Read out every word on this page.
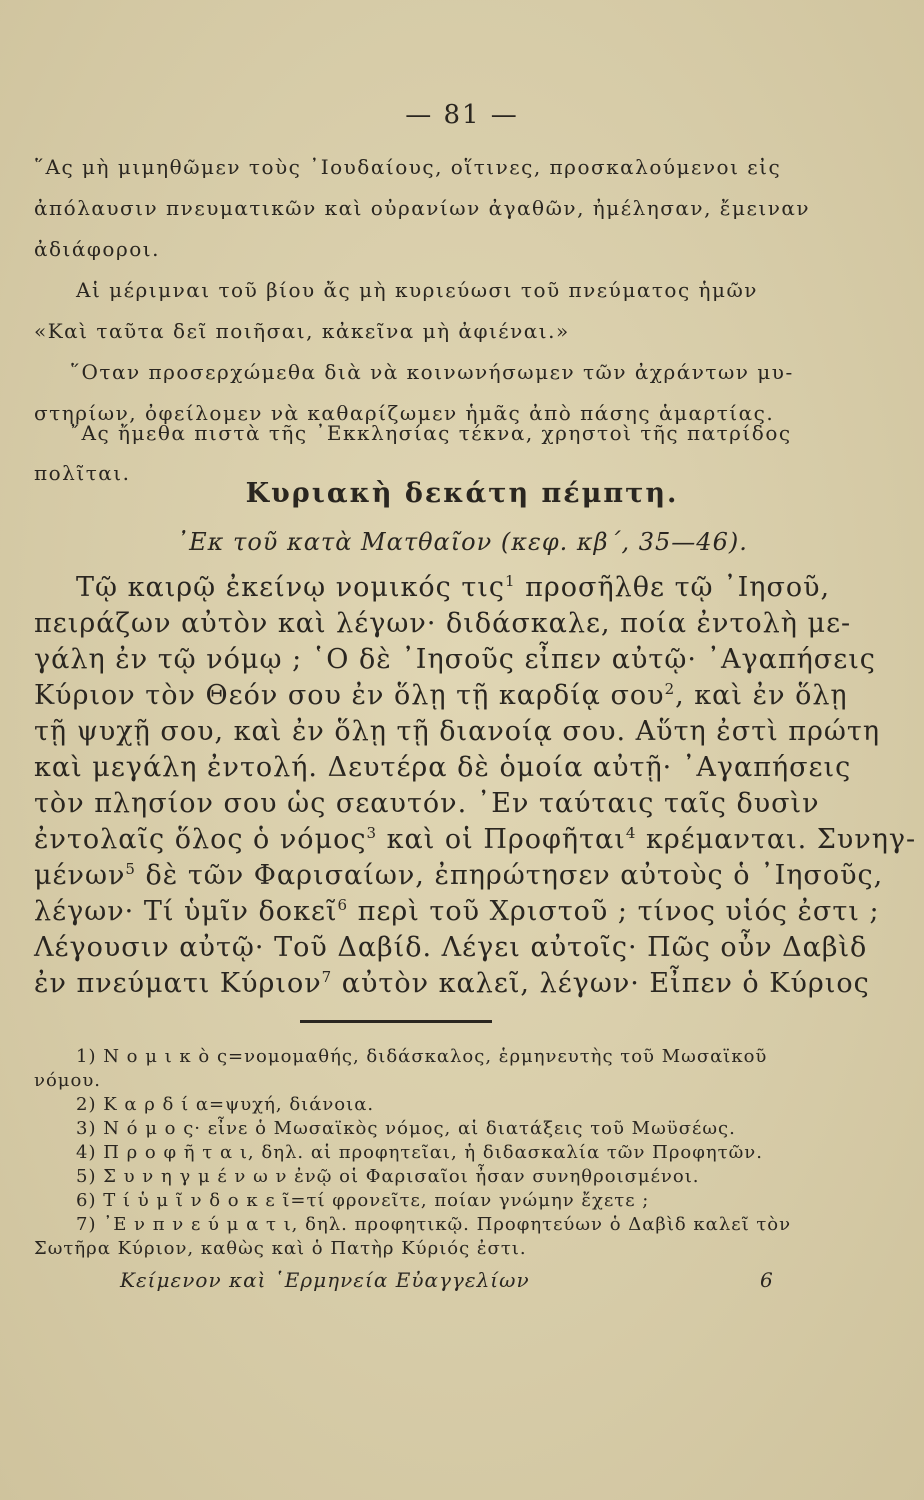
— 81 —
῞Ας μὴ μιμηθῶμεν τοὺς ᾿Ιουδαίους, οἵτινες, προσκαλούμενοι εἰς
ἀπόλαυσιν πνευματικῶν καὶ οὐρανίων ἀγαθῶν, ἠμέλησαν, ἔμειναν
ἀδιάφοροι.
Αἱ μέριμναι τοῦ βίου ἄς μὴ κυριεύωσι τοῦ πνεύματος ἡμῶν
«Καὶ ταῦτα δεῖ ποιῆσαι, κἀκεῖνα μὴ ἀφιέναι.»
῞Οταν προσερχώμεθα διὰ νὰ κοινωνήσωμεν τῶν ἀχράντων μυ-
στηρίων, ὀφείλομεν νὰ καθαρίζωμεν ἡμᾶς ἀπὸ πάσης ἁμαρτίας.
῎Ας ἤμεθα πιστὰ τῆς ᾿Εκκλησίας τέκνα, χρηστοὶ τῆς πατρίδος
πολῖται.
Κυριακὴ δεκάτη πέμπτη.
᾿Εκ τοῦ κατὰ Ματθαῖον (κεφ. κβ΄, 35—46).
Τῷ καιρῷ ἐκείνῳ νομικός τις$^1$ προσῆλθε τῷ ᾿Ιησοῦ,
πειράζων αὐτὸν καὶ λέγων· διδάσκαλε, ποία ἐντολὴ με-
γάλη ἐν τῷ νόμῳ ; ῾Ο δὲ ᾿Ιησοῦς εἶπεν αὐτῷ· ᾿Αγαπήσεις
Κύριον τὸν Θεόν σου ἐν ὅλῃ τῇ καρδίᾳ σου$^2$, καὶ ἐν ὅλῃ
τῇ ψυχῇ σου, καὶ ἐν ὅλῃ τῇ διανοίᾳ σου. Αὕτη ἐστὶ πρώτη
καὶ μεγάλη ἐντολή. Δευτέρα δὲ ὁμοία αὐτῇ· ᾿Αγαπήσεις
τὸν πλησίον σου ὡς σεαυτόν. ᾿Εν ταύταις ταῖς δυσὶν
ἐντολαῖς ὅλος ὁ νόμος$^3$ καὶ οἱ Προφῆται$^4$ κρέμανται. Συνηγ-
μένων$^5$ δὲ τῶν Φαρισαίων, ἐπηρώτησεν αὐτοὺς ὁ ᾿Ιησοῦς,
λέγων· Τί ὑμῖν δοκεῖ$^6$ περὶ τοῦ Χριστοῦ ; τίνος υἱός ἐστι ;
Λέγουσιν αὐτῷ· Τοῦ Δαβίδ. Λέγει αὐτοῖς· Πῶς οὖν Δαβὶδ
ἐν πνεύματι Κύριον$^7$ αὐτὸν καλεῖ, λέγων· Εἶπεν ὁ Κύριος
1) Ν ο μ ι κ ὸ ς=νομομαθής, διδάσκαλος, ἑρμηνευτὴς τοῦ Μωσαϊκοῦ
νόμου.
2) Κ α ρ δ ί α=ψυχή, διάνοια.
3) Ν ό μ ο ς· εἶνε ὁ Μωσαϊκὸς νόμος, αἱ διατάξεις τοῦ Μωϋσέως.
4) Π ρ ο φ ῆ τ α ι, δηλ. αἱ προφητεῖαι, ἡ διδασκαλία τῶν Προφητῶν.
5) Σ υ ν η γ μ έ ν ω ν ἐνῷ οἱ Φαρισαῖοι ἦσαν συνηθροισμένοι.
6) Τ ί ὑ μ ῖ ν δ ο κ ε ῖ=τί φρονεῖτε, ποίαν γνώμην ἔχετε ;
7) ᾿Ε ν π ν ε ύ μ α τ ι, δηλ. προφητικῷ. Προφητεύων ὁ Δαβὶδ καλεῖ τὸν
Σωτῆρα Κύριον, καθὼς καὶ ὁ Πατὴρ Κύριός ἐστι.
Κείμενον καὶ ῾Ερμηνεία Εὐαγγελίων	6
